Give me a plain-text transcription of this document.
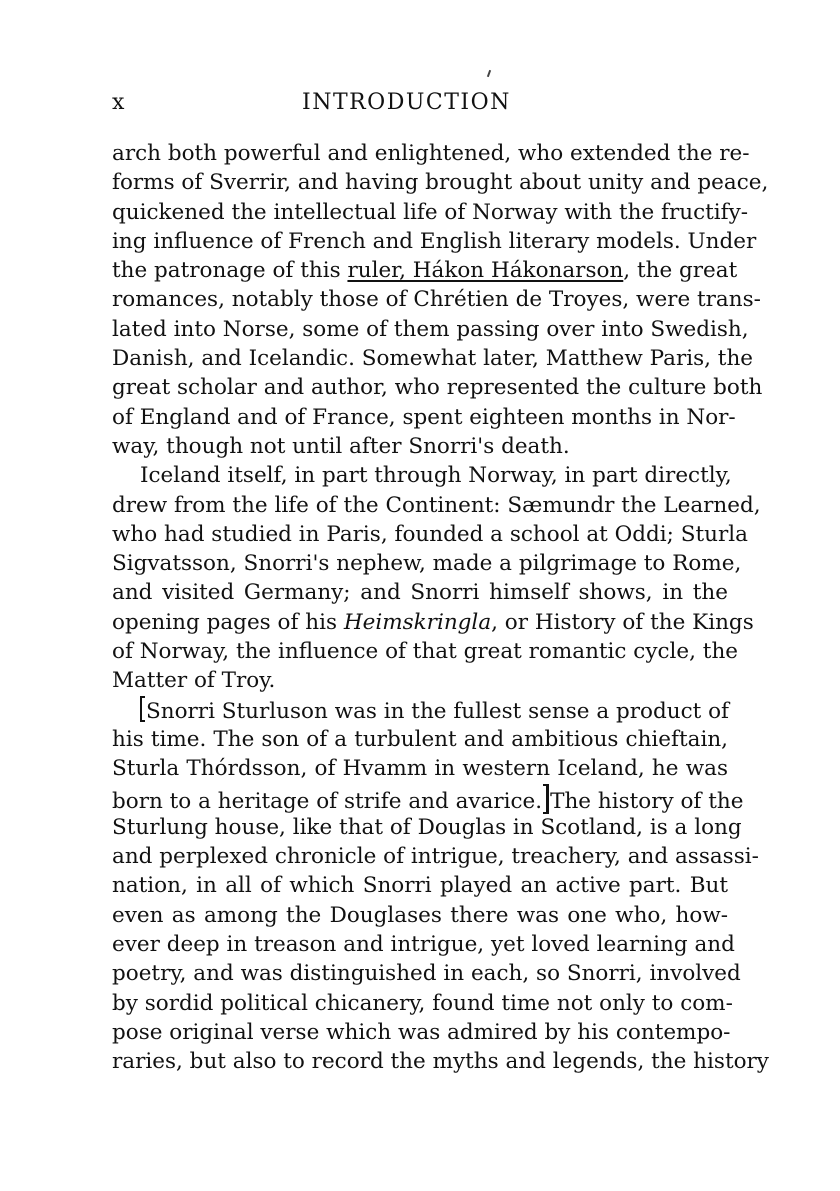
x	INTRODUCTION
arch both powerful and enlightened, who extended the re-
forms of Sverrir, and having brought about unity and peace,
quickened the intellectual life of Norway with the fructify-
ing influence of French and English literary models. Under
the patronage of this ruler, Hákon Hákonarson, the great
romances, notably those of Chrétien de Troyes, were trans-
lated into Norse, some of them passing over into Swedish,
Danish, and Icelandic. Somewhat later, Matthew Paris, the
great scholar and author, who represented the culture both
of England and of France, spent eighteen months in Nor-
way, though not until after Snorri's death.
Iceland itself, in part through Norway, in part directly,
drew from the life of the Continent: Sæmundr the Learned,
who had studied in Paris, founded a school at Oddi; Sturla
Sigvatsson, Snorri's nephew, made a pilgrimage to Rome,
and visited Germany; and Snorri himself shows, in the
opening pages of his Heimskringla, or History of the Kings
of Norway, the influence of that great romantic cycle, the
Matter of Troy.
Snorri Sturluson was in the fullest sense a product of
his time. The son of a turbulent and ambitious chieftain,
Sturla Thórdsson, of Hvamm in western Iceland, he was
born to a heritage of strife and avarice. The history of the
Sturlung house, like that of Douglas in Scotland, is a long
and perplexed chronicle of intrigue, treachery, and assassi-
nation, in all of which Snorri played an active part. But
even as among the Douglases there was one who, how-
ever deep in treason and intrigue, yet loved learning and
poetry, and was distinguished in each, so Snorri, involved
by sordid political chicanery, found time not only to com-
pose original verse which was admired by his contempo-
raries, but also to record the myths and legends, the history
